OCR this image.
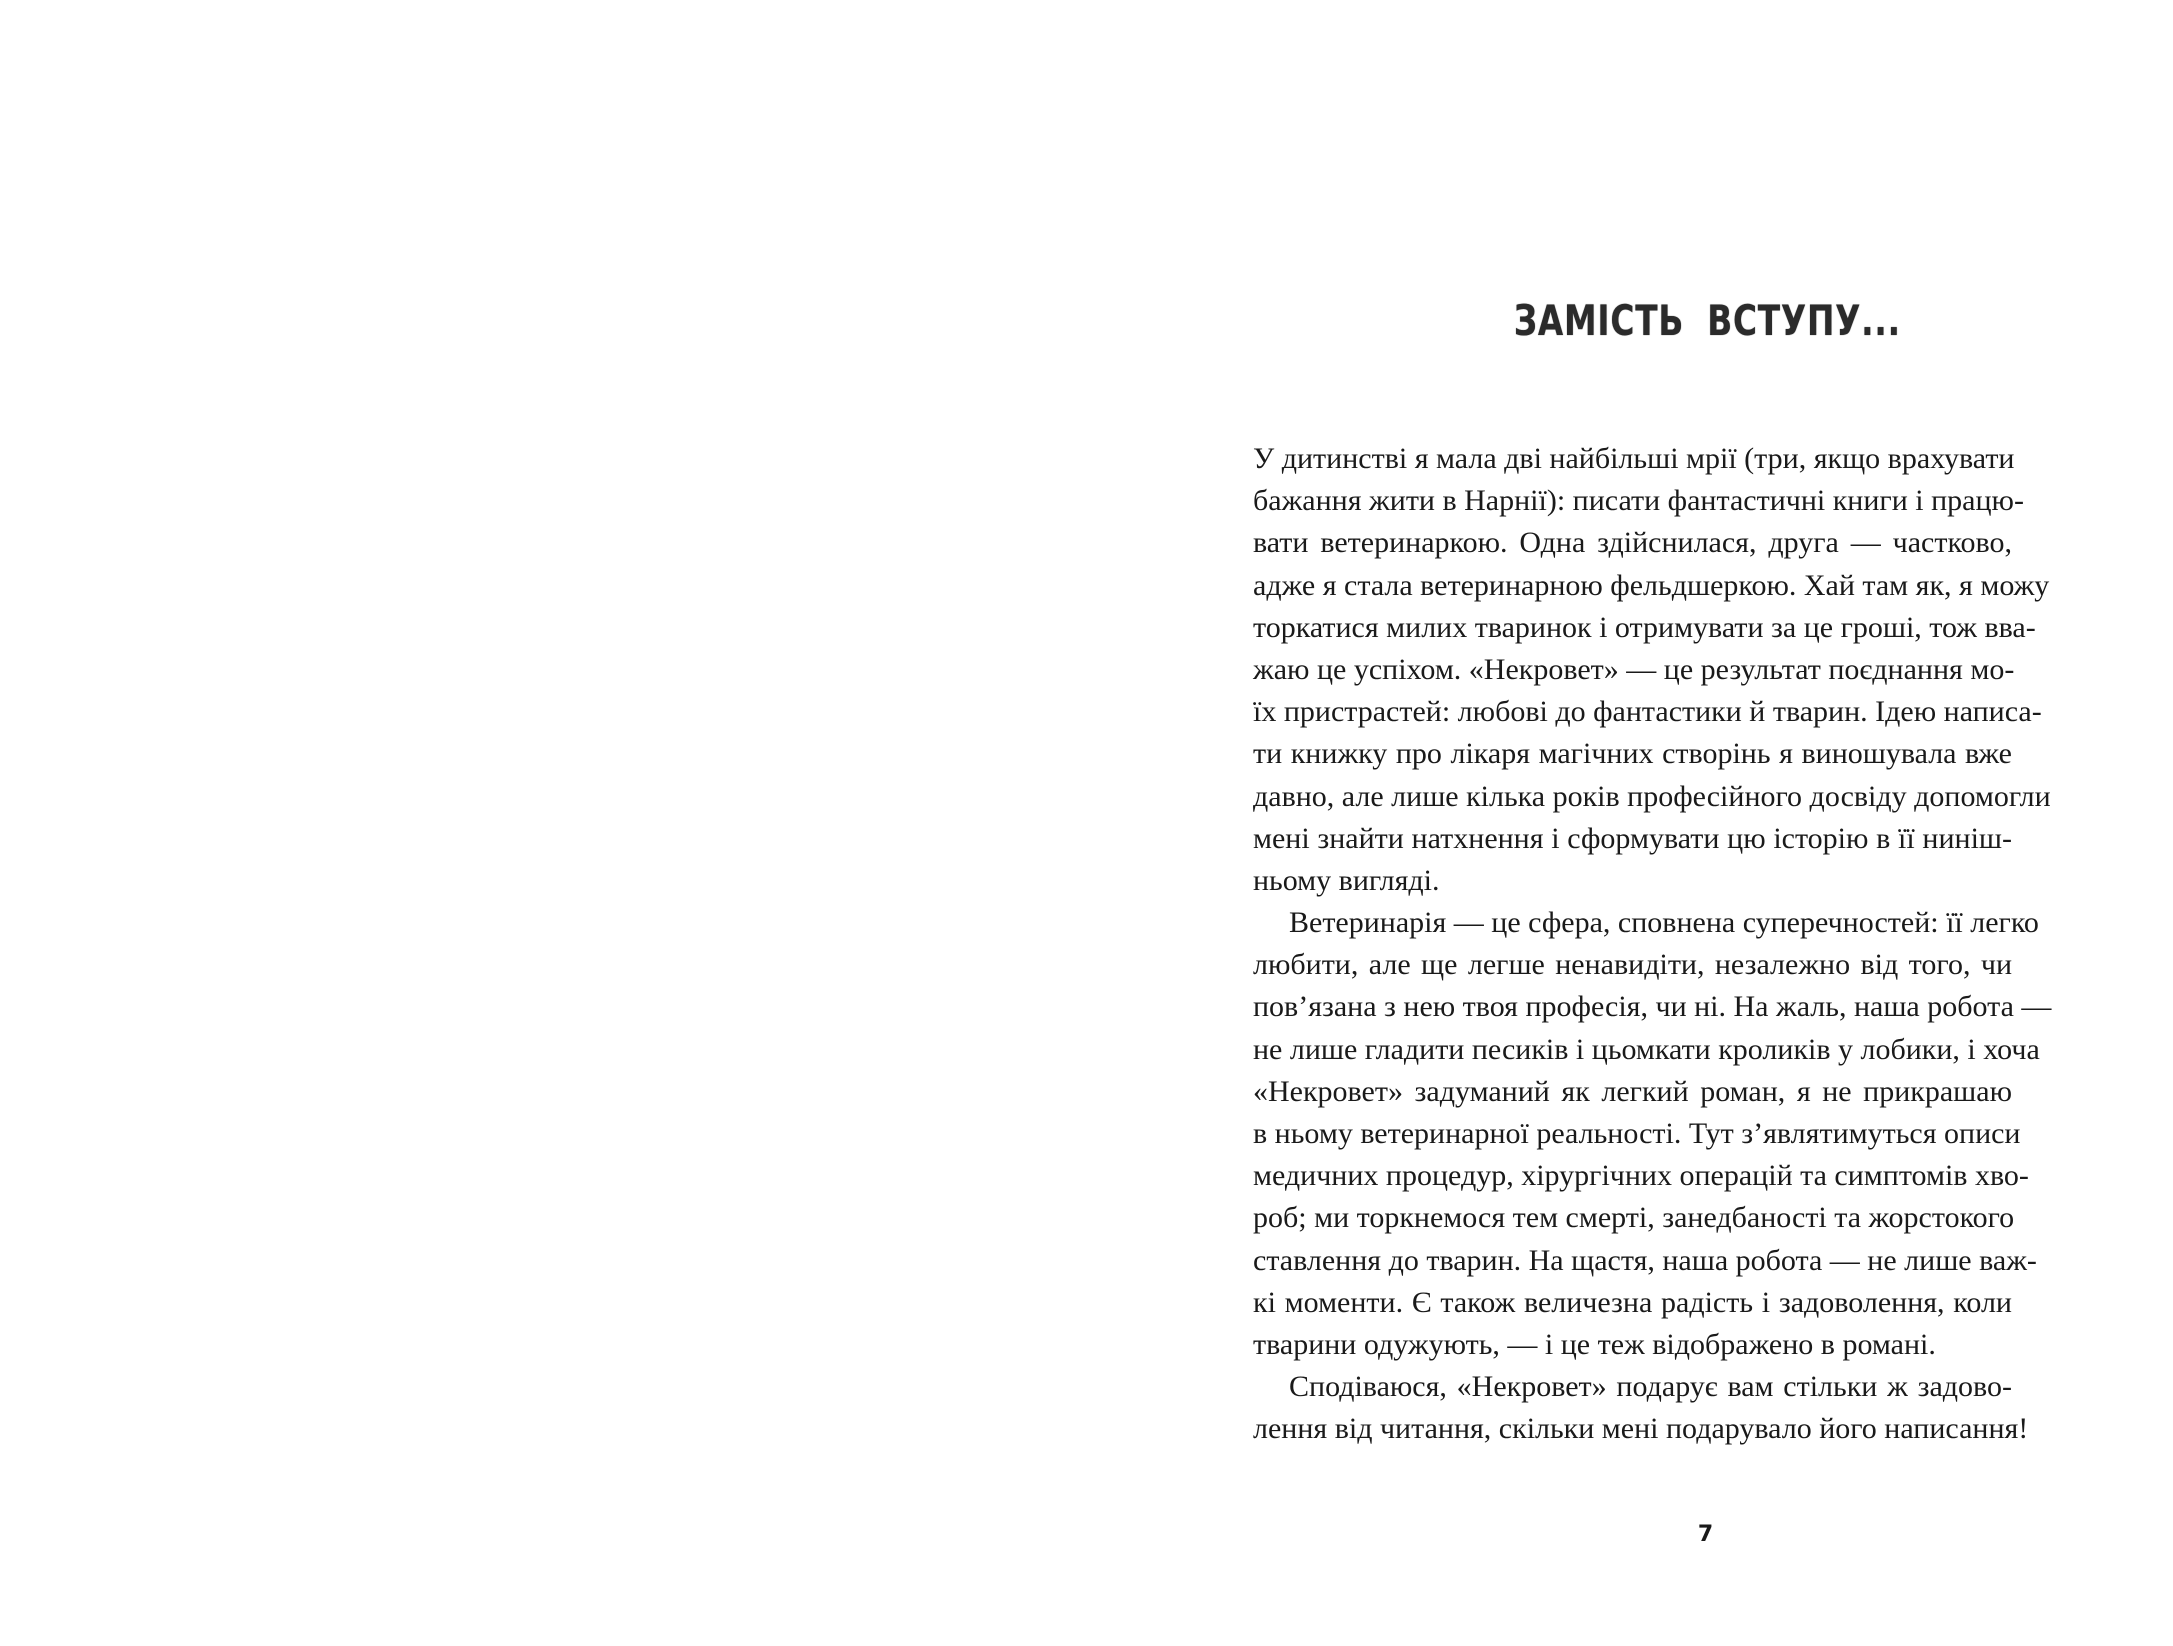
ЗАМІСТЬ ВСТУПУ...
У дитинстві я мала дві найбільші мрії (три, якщо врахувати
бажання жити в Нарнії): писати фантастичні книги і працю-
вати ветеринаркою. Одна здійснилася, друга — частково,
адже я стала ветеринарною фельдшеркою. Хай там як, я можу
торкатися милих тваринок і отримувати за це гроші, тож вва-
жаю це успіхом. «Некровет» — це результат поєднання мо-
їх пристрастей: любові до фантастики й тварин. Ідею написа-
ти книжку про лікаря магічних створінь я виношувала вже
давно, але лише кілька років професійного досвіду допомогли
мені знайти натхнення і сформувати цю історію в її ниніш-
ньому вигляді.
Ветеринарія — це сфера, сповнена суперечностей: її легко
любити, але ще легше ненавидіти, незалежно від того, чи
пов’язана з нею твоя професія, чи ні. На жаль, наша робота —
не лише гладити песиків і цьомкати кроликів у лобики, і хоча
«Некровет» задуманий як легкий роман, я не прикрашаю
в ньому ветеринарної реальності. Тут з’являтимуться описи
медичних процедур, хірургічних операцій та симптомів хво-
роб; ми торкнемося тем смерті, занедбаності та жорстокого
ставлення до тварин. На щастя, наша робота — не лише важ-
кі моменти. Є також величезна радість і задоволення, коли
тварини одужують, — і це теж відображено в романі.
Сподіваюся, «Некровет» подарує вам стільки ж задово-
лення від читання, скільки мені подарувало його написання!
7
